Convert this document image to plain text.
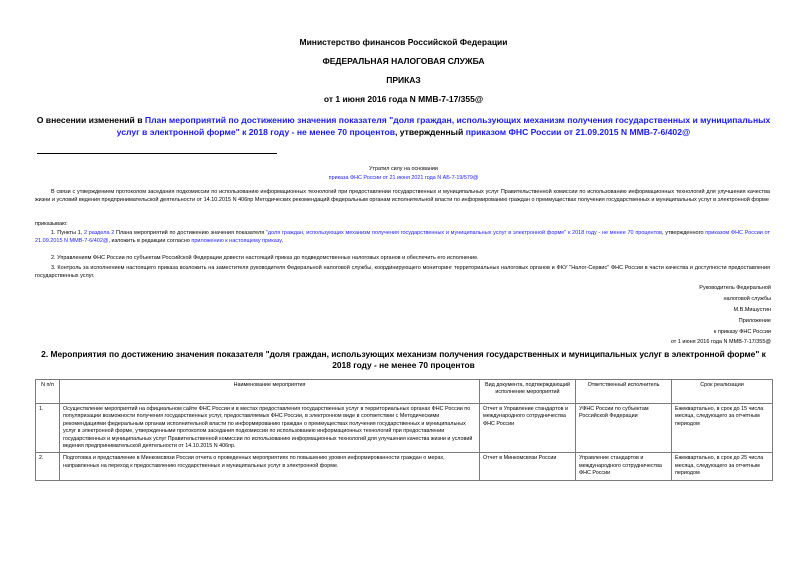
Министерство финансов Российской Федерации
ФЕДЕРАЛЬНАЯ НАЛОГОВАЯ СЛУЖБА
ПРИКАЗ
от 1 июня 2016 года N ММВ-7-17/355@
О внесении изменений в План мероприятий по достижению значения показателя "доля граждан, использующих механизм получения государственных и муниципальных услуг в электронной форме" к 2018 году - не менее 70 процентов, утвержденный приказом ФНС России от 21.09.2015 N ММВ-7-6/402@
Утратил силу на основании
приказа ФНС России от 21 июня 2021 года N АБ-7-19/579@
В связи с утверждением протоколом заседания подкомиссии по использованию информационных технологий при предоставлении государственных и муниципальных услуг Правительственной комиссии по использованию информационных технологий для улучшения качества жизни и условий ведения предпринимательской деятельности от 14.10.2015 N 406пр Методических рекомендаций федеральным органам исполнительной власти по информированию граждан о преимуществах получения государственных и муниципальных услуг в электронной форме
приказываю:
1. Пункты 1, 2 раздела 2 Плана мероприятий по достижению значения показателя "доля граждан, использующих механизм получения государственных и муниципальных услуг в электронной форме" к 2018 году - не менее 70 процентов, утвержденного приказом ФНС России от 21.09.2015 N ММВ-7-6/402@, изложить в редакции согласно приложению к настоящему приказу.
2. Управлениям ФНС России по субъектам Российской Федерации довести настоящий приказ до подведомственных налоговых органов и обеспечить его исполнение.
3. Контроль за исполнением настоящего приказа возложить на заместителя руководителя Федеральной налоговой службы, координирующего мониторинг территориальных налоговых органов и ФКУ "Налог-Сервис" ФНС России в части качества и доступности предоставления государственных услуг.
Руководитель Федеральной
налоговой службы
М.В.Мишустин
Приложение
к приказу ФНС России
от 1 июня 2016 года N ММВ-7-17/355@
2. Мероприятия по достижению значения показателя "доля граждан, использующих механизм получения государственных и муниципальных услуг в электронной форме" к 2018 году - не менее 70 процентов
N п/п	Наименование мероприятия	Вид документа, подтверждающий исполнение мероприятий	Ответственный исполнитель	Срок реализации
1.	Осуществление мероприятий на официальном сайте ФНС России и в местах предоставления государственных услуг в территориальных органах ФНС России по популяризации возможности получения государственных услуг, предоставляемых ФНС России, в электронном виде в соответствии с Методическими рекомендациями федеральным органам исполнительной власти по информированию граждан о преимуществах получения государственных и муниципальных услуг в электронной форме, утвержденными протоколом заседания подкомиссии по использованию информационных технологий при предоставлении государственных и муниципальных услуг Правительственной комиссии по использованию информационных технологий для улучшения качества жизни и условий ведения предпринимательской деятельности от 14.10.2015 N 406пр.	Отчет в Управление стандартов и международного сотрудничества ФНС России	УФНС России по субъектам Российской Федерации	Ежеквартально, в срок до 15 числа месяца, следующего за отчетным периодом
2.	Подготовка и представление в Минкомсвязи России отчета о проведенных мероприятиях по повышению уровня информированности граждан о мерах, направленных на переход к предоставлению государственных и муниципальных услуг в электронной форме.	Отчет в Минкомсвязи России	Управление стандартов и международного сотрудничества ФНС России	Ежеквартально, в срок до 25 числа месяца, следующего за отчетным периодом
